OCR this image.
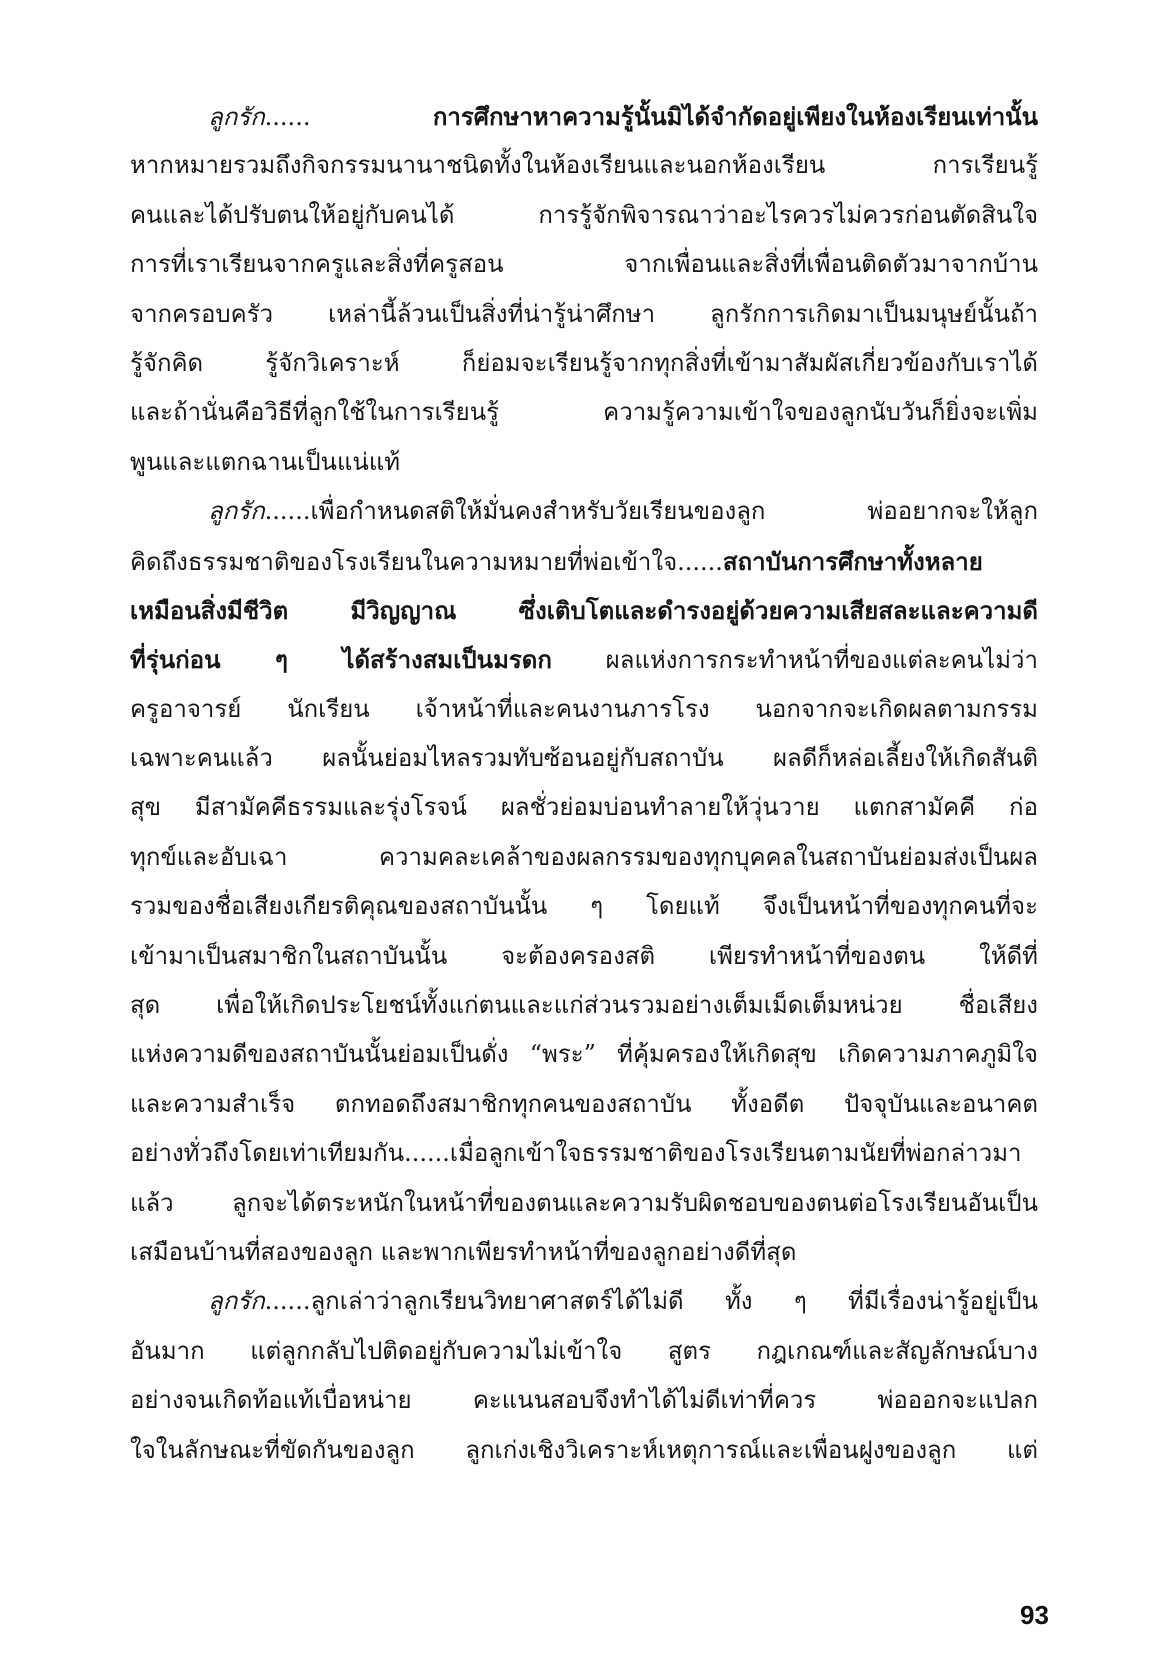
ลูกรัก...... การศึกษาหาความรู้นั้นมิได้จำกัดอยู่เพียงในห้องเรียนเท่านั้น
หากหมายรวมถึงกิจกรรมนานาชนิดทั้งในห้องเรียนและนอกห้องเรียน การเรียนรู้
คนและได้ปรับตนให้อยู่กับคนได้ การรู้จักพิจารณาว่าอะไรควรไม่ควรก่อนตัดสินใจ
การที่เราเรียนจากครูและสิ่งที่ครูสอน จากเพื่อนและสิ่งที่เพื่อนติดตัวมาจากบ้าน
จากครอบครัว เหล่านี้ล้วนเป็นสิ่งที่น่ารู้น่าศึกษา ลูกรักการเกิดมาเป็นมนุษย์นั้นถ้า
รู้จักคิด รู้จักวิเคราะห์ ก็ย่อมจะเรียนรู้จากทุกสิ่งที่เข้ามาสัมผัสเกี่ยวข้องกับเราได้
และถ้านั่นคือวิธีที่ลูกใช้ในการเรียนรู้ ความรู้ความเข้าใจของลูกนับวันก็ยิ่งจะเพิ่ม
พูนและแตกฉานเป็นแน่แท้
ลูกรัก......เพื่อกำหนดสติให้มั่นคงสำหรับวัยเรียนของลูก พ่ออยากจะให้ลูก
คิดถึงธรรมชาติของโรงเรียนในความหมายที่พ่อเข้าใจ......สถาบันการศึกษาทั้งหลาย
เหมือนสิ่งมีชีวิต มีวิญญาณ ซึ่งเติบโตและดำรงอยู่ด้วยความเสียสละและความดี
ที่รุ่นก่อน ๆ ได้สร้างสมเป็นมรดก ผลแห่งการกระทำหน้าที่ของแต่ละคนไม่ว่า
ครูอาจารย์ นักเรียน เจ้าหน้าที่และคนงานภารโรง นอกจากจะเกิดผลตามกรรม
เฉพาะคนแล้ว ผลนั้นย่อมไหลรวมทับซ้อนอยู่กับสถาบัน ผลดีก็หล่อเลี้ยงให้เกิดสันติ
สุข มีสามัคคีธรรมและรุ่งโรจน์ ผลชั่วย่อมบ่อนทำลายให้วุ่นวาย แตกสามัคคี ก่อ
ทุกข์และอับเฉา ความคละเคล้าของผลกรรมของทุกบุคคลในสถาบันย่อมส่งเป็นผล
รวมของชื่อเสียงเกียรติคุณของสถาบันนั้น ๆ โดยแท้ จึงเป็นหน้าที่ของทุกคนที่จะ
เข้ามาเป็นสมาชิกในสถาบันนั้น จะต้องครองสติ เพียรทำหน้าที่ของตน ให้ดีที่
สุด เพื่อให้เกิดประโยชน์ทั้งแก่ตนและแก่ส่วนรวมอย่างเต็มเม็ดเต็มหน่วย ชื่อเสียง
แห่งความดีของสถาบันนั้นย่อมเป็นดั่ง “พระ” ที่คุ้มครองให้เกิดสุข เกิดความภาคภูมิใจ
และความสำเร็จ ตกทอดถึงสมาชิกทุกคนของสถาบัน ทั้งอดีต ปัจจุบันและอนาคต
อย่างทั่วถึงโดยเท่าเทียมกัน......เมื่อลูกเข้าใจธรรมชาติของโรงเรียนตามนัยที่พ่อกล่าวมา
แล้ว ลูกจะได้ตระหนักในหน้าที่ของตนและความรับผิดชอบของตนต่อโรงเรียนอันเป็น
เสมือนบ้านที่สองของลูก และพากเพียรทำหน้าที่ของลูกอย่างดีที่สุด
ลูกรัก......ลูกเล่าว่าลูกเรียนวิทยาศาสตร์ได้ไม่ดี ทั้ง ๆ ที่มีเรื่องน่ารู้อยู่เป็น
อันมาก แต่ลูกกลับไปติดอยู่กับความไม่เข้าใจ สูตร กฎเกณฑ์และสัญลักษณ์บาง
อย่างจนเกิดท้อแท้เบื่อหน่าย คะแนนสอบจึงทำได้ไม่ดีเท่าที่ควร พ่อออกจะแปลก
ใจในลักษณะที่ขัดกันของลูก ลูกเก่งเชิงวิเคราะห์เหตุการณ์และเพื่อนฝูงของลูก แต่
93
